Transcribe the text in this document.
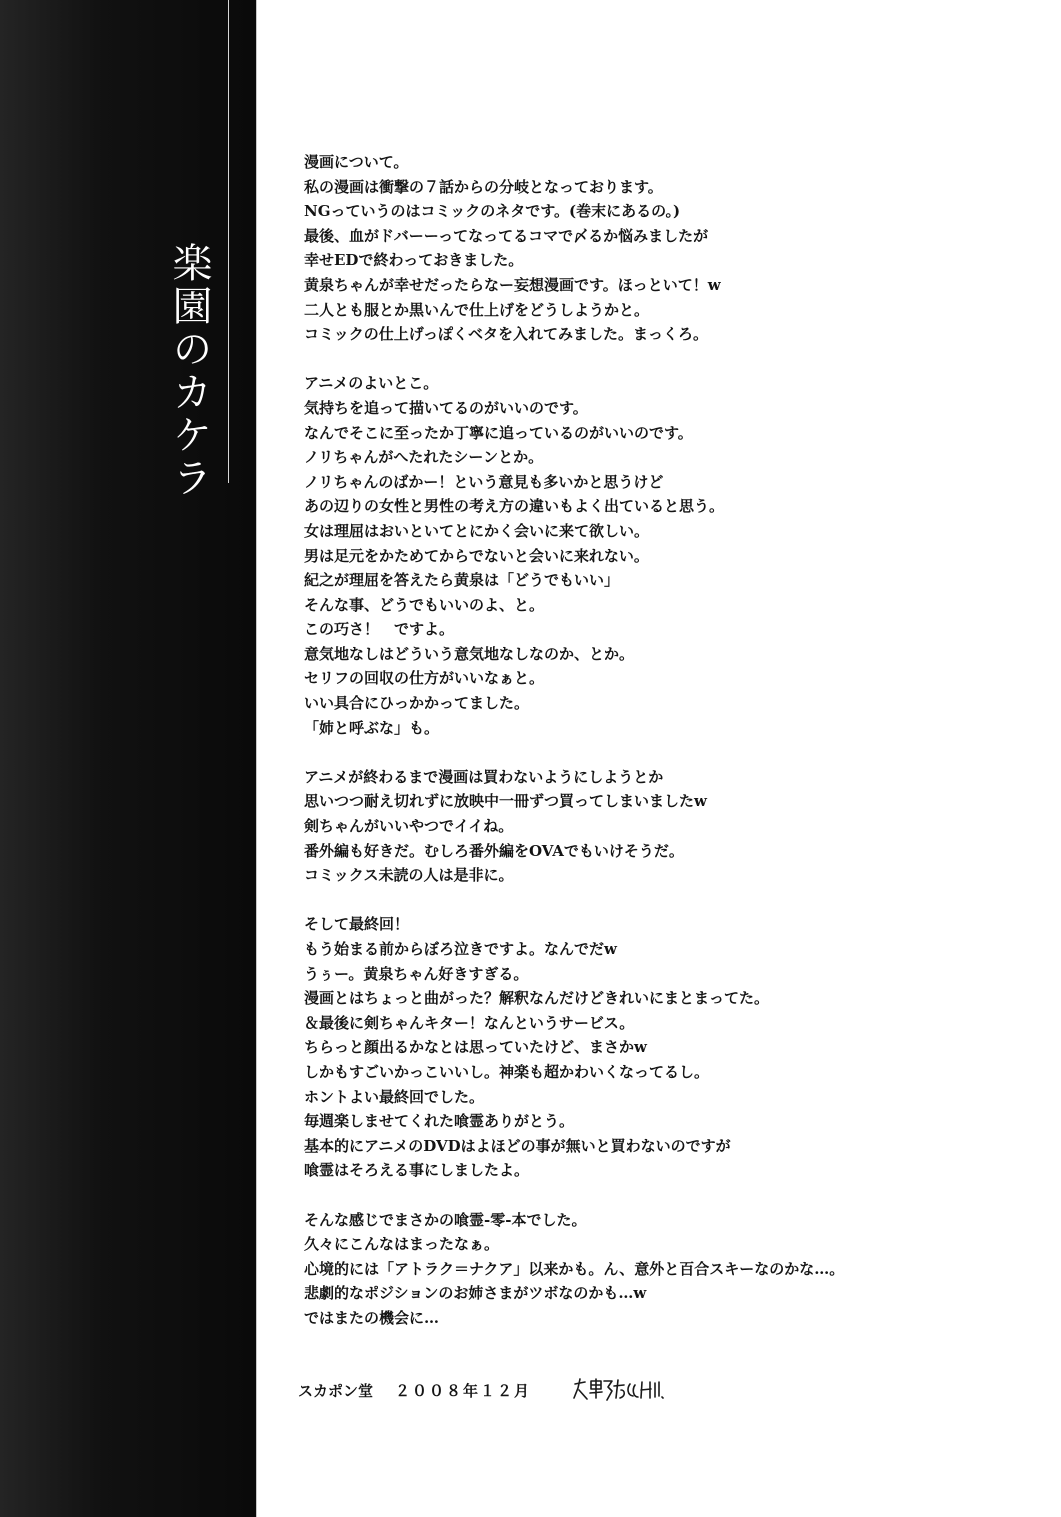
楽園のカケラ
漫画について。
私の漫画は衝撃の７話からの分岐となっております。
NGっていうのはコミックのネタです。(巻末にあるの。)
最後、血がドバーーってなってるコマで〆るか悩みましたが
幸せEDで終わっておきました。
黄泉ちゃんが幸せだったらなー妄想漫画です。ほっといて！w
二人とも服とか黒いんで仕上げをどうしようかと。
コミックの仕上げっぽくベタを入れてみました。まっくろ。
アニメのよいとこ。
気持ちを追って描いてるのがいいのです。
なんでそこに至ったか丁寧に追っているのがいいのです。
ノリちゃんがへたれたシーンとか。
ノリちゃんのばかー！という意見も多いかと思うけど
あの辺りの女性と男性の考え方の違いもよく出ていると思う。
女は理屈はおいといてとにかく会いに来て欲しい。
男は足元をかためてからでないと会いに来れない。
紀之が理屈を答えたら黄泉は「どうでもいい」
そんな事、どうでもいいのよ、と。
この巧さ！　ですよ。
意気地なしはどういう意気地なしなのか、とか。
セリフの回収の仕方がいいなぁと。
いい具合にひっかかってました。
「姉と呼ぶな」も。
アニメが終わるまで漫画は買わないようにしようとか
思いつつ耐え切れずに放映中一冊ずつ買ってしまいましたw
剣ちゃんがいいやつでイイね。
番外編も好きだ。むしろ番外編をOVAでもいけそうだ。
コミックス未読の人は是非に。
そして最終回！
もう始まる前からぼろ泣きですよ。なんでだw
うぅー。黄泉ちゃん好きすぎる。
漫画とはちょっと曲がった？解釈なんだけどきれいにまとまってた。
＆最後に剣ちゃんキター！なんというサービス。
ちらっと顔出るかなとは思っていたけど、まさかw
しかもすごいかっこいいし。神楽も超かわいくなってるし。
ホントよい最終回でした。
毎週楽しませてくれた喰霊ありがとう。
基本的にアニメのDVDはよほどの事が無いと買わないのですが
喰霊はそろえる事にしましたよ。
そんな感じでまさかの喰霊-零-本でした。
久々にこんなはまったなぁ。
心境的には「アトラク＝ナクア」以来かも。ん、意外と百合スキーなのかな…。
悲劇的なポジションのお姉さまがツボなのかも…w
ではまたの機会に…
スカポン堂 ２００８年１２月
